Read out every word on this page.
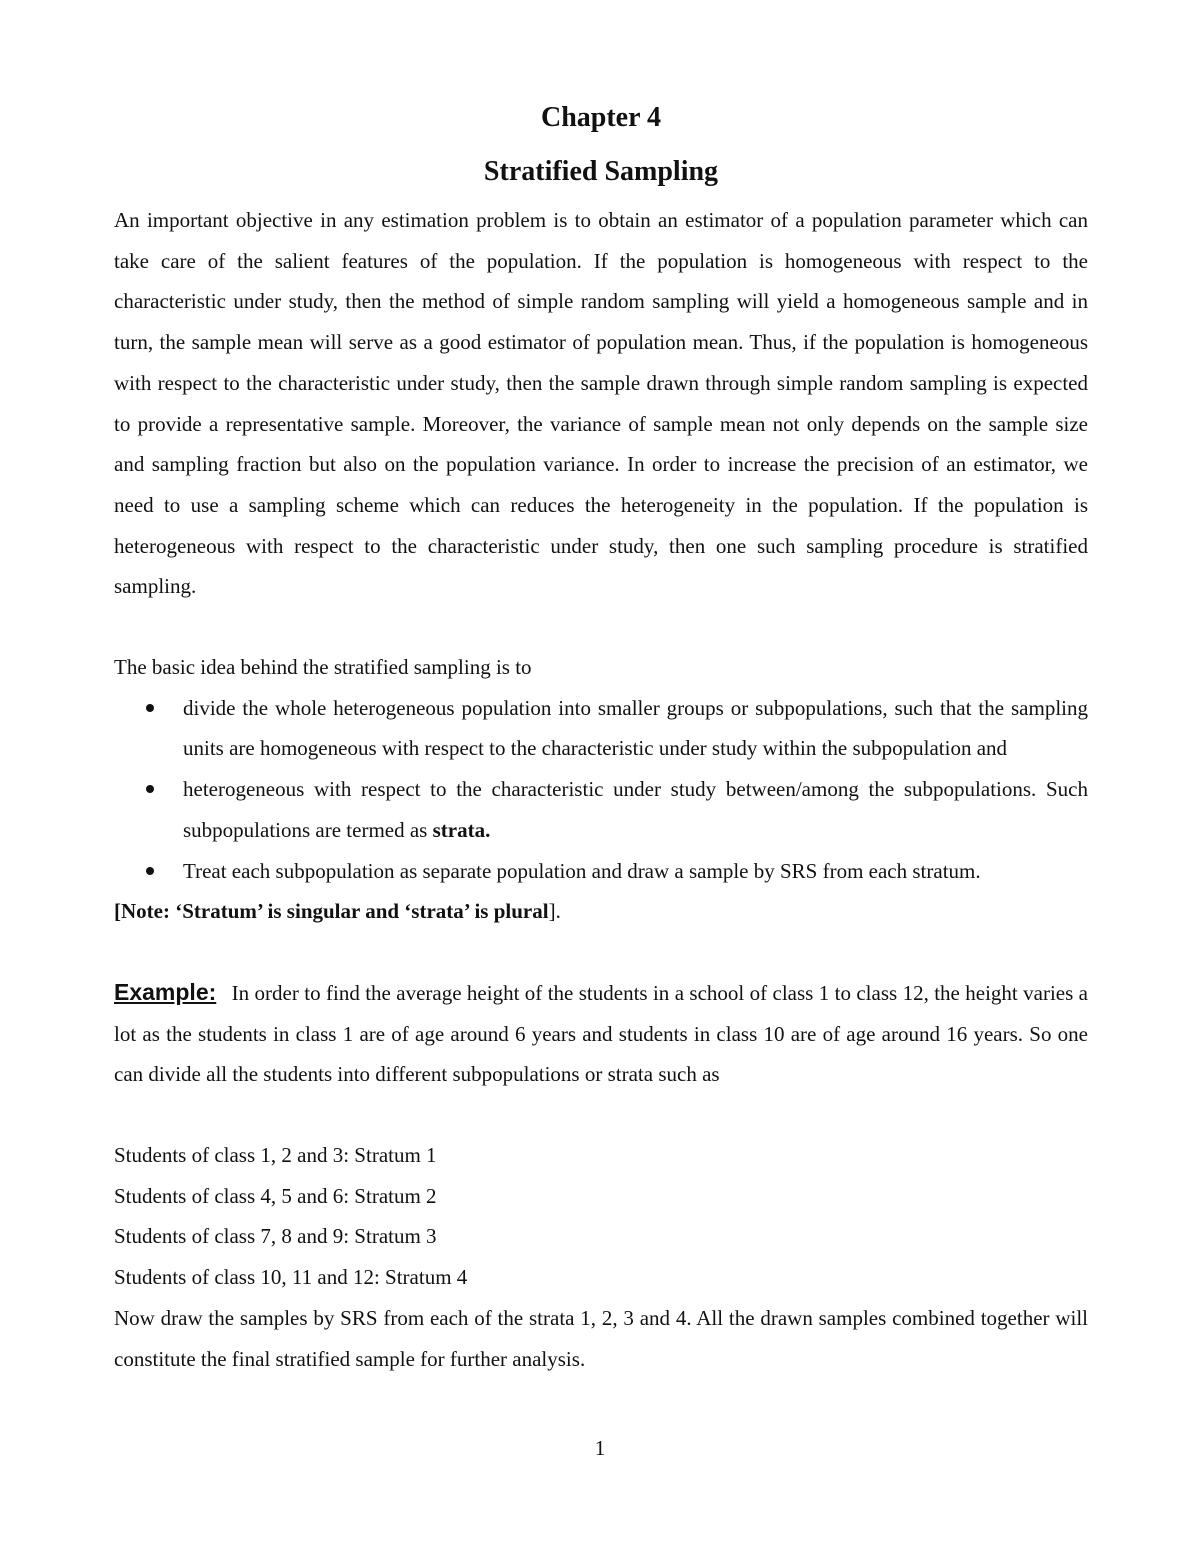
Chapter 4
Stratified Sampling

An important objective in any estimation problem is to obtain an estimator of a population parameter which can take care of the salient features of the population. If the population is homogeneous with respect to the characteristic under study, then the method of simple random sampling will yield a homogeneous sample and in turn, the sample mean will serve as a good estimator of population mean. Thus, if the population is homogeneous with respect to the characteristic under study, then the sample drawn through simple random sampling is expected to provide a representative sample. Moreover, the variance of sample mean not only depends on the sample size and sampling fraction but also on the population variance. In order to increase the precision of an estimator, we need to use a sampling scheme which can reduces the heterogeneity in the population. If the population is heterogeneous with respect to the characteristic under study, then one such sampling procedure is stratified sampling.

The basic idea behind the stratified sampling is to

divide the whole heterogeneous population into smaller groups or subpopulations, such that the sampling units are homogeneous with respect to the characteristic under study within the subpopulation and
heterogeneous with respect to the characteristic under study between/among the subpopulations. Such subpopulations are termed as strata.
Treat each subpopulation as separate population and draw a sample by SRS from each stratum.

[Note: ‘Stratum’ is singular and ‘strata’ is plural].

Example: In order to find the average height of the students in a school of class 1 to class 12, the height varies a lot as the students in class 1 are of age around 6 years and students in class 10 are of age around 16 years. So one can divide all the students into different subpopulations or strata such as

Students of class 1, 2 and 3: Stratum 1

Students of class 4, 5 and 6: Stratum 2

Students of class 7, 8 and 9: Stratum 3

Students of class 10, 11 and 12: Stratum 4

Now draw the samples by SRS from each of the strata 1, 2, 3 and 4. All the drawn samples combined together will constitute the final stratified sample for further analysis.

1
